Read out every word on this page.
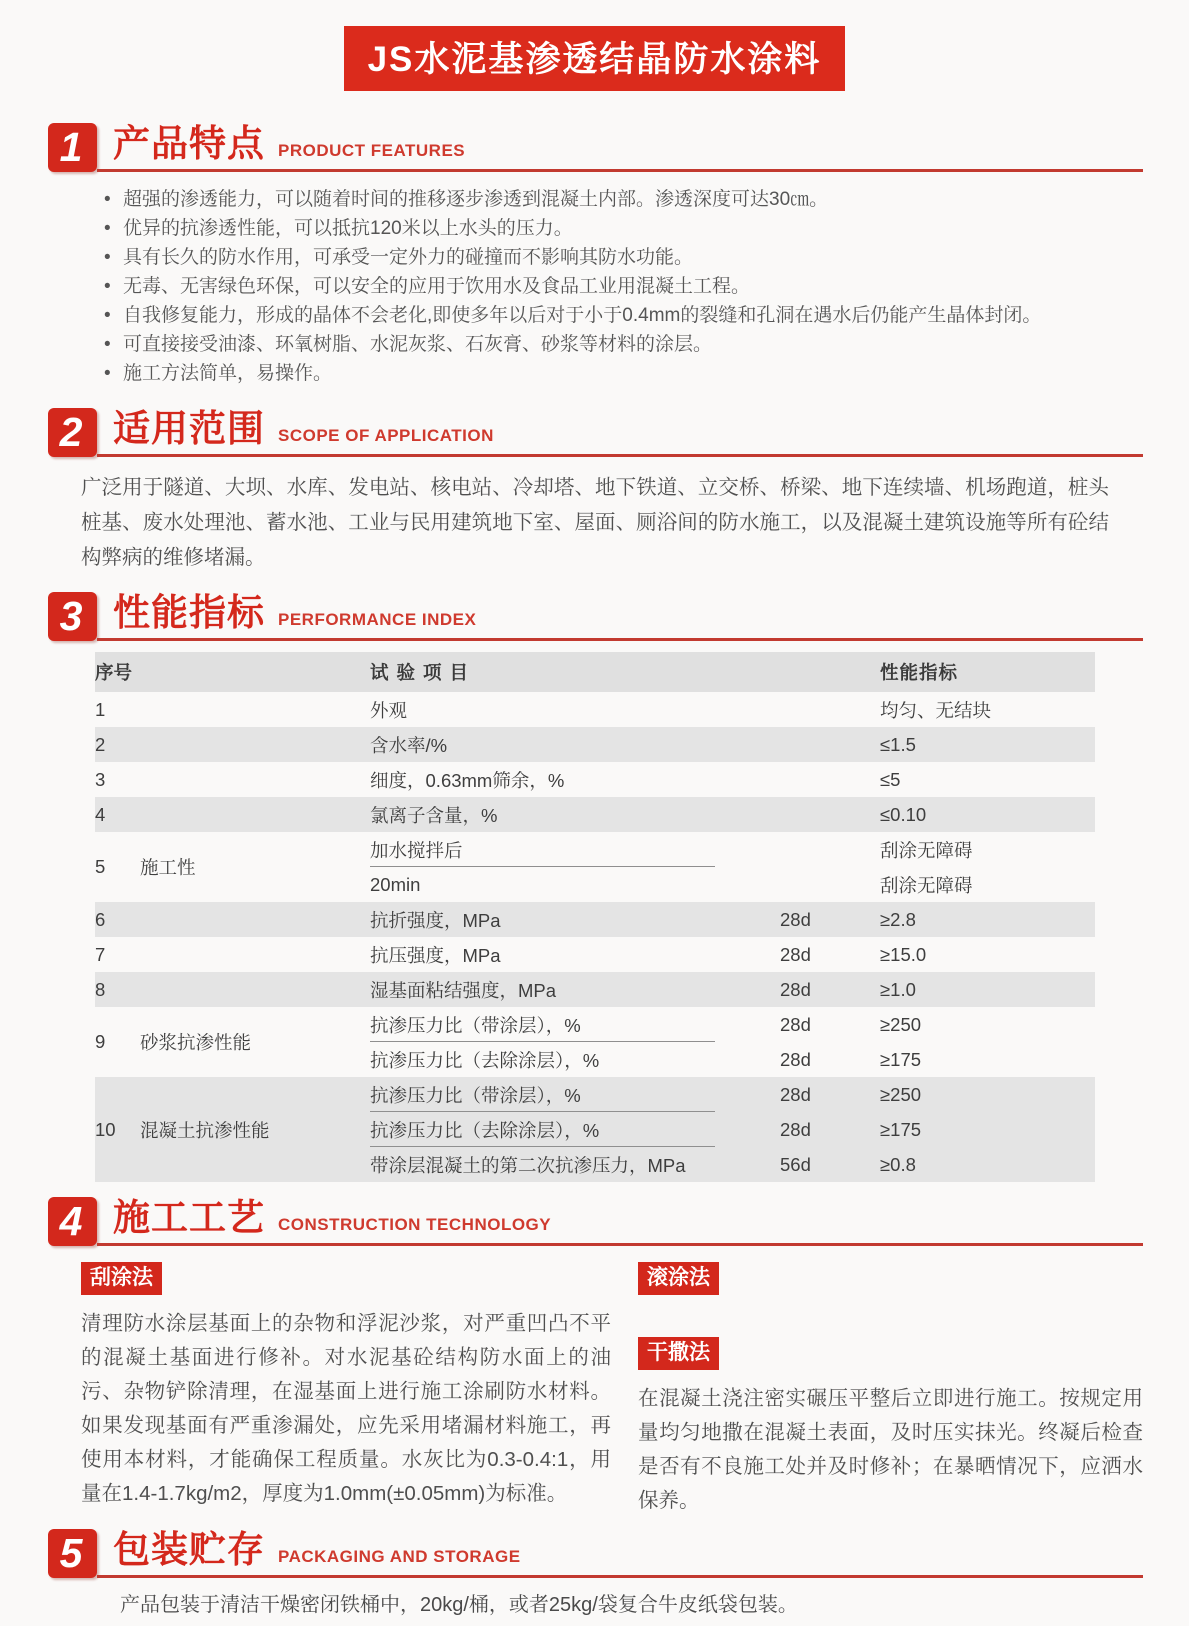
JS水泥基渗透结晶防水涂料
1 产品特点 PRODUCT FEATURES
• 超强的渗透能力，可以随着时间的推移逐步渗透到混凝土内部。渗透深度可达30㎝。
• 优异的抗渗透性能，可以抵抗120米以上水头的压力。
• 具有长久的防水作用，可承受一定外力的碰撞而不影响其防水功能。
• 无毒、无害绿色环保，可以安全的应用于饮用水及食品工业用混凝土工程。
• 自我修复能力，形成的晶体不会老化,即使多年以后对于小于0.4mm的裂缝和孔洞在遇水后仍能产生晶体封闭。
• 可直接接受油漆、环氧树脂、水泥灰浆、石灰膏、砂浆等材料的涂层。
• 施工方法简单，易操作。
2 适用范围 SCOPE OF APPLICATION

广泛用于隧道、大坝、水库、发电站、核电站、冷却塔、地下铁道、立交桥、桥梁、地下连续墙、机场跑道，桩头桩基、废水处理池、蓄水池、工业与民用建筑地下室、屋面、厕浴间的防水施工，以及混凝土建筑设施等所有砼结构弊病的维修堵漏。

3 性能指标 PERFORMANCE INDEX
序号		试验项目		性能指标
1		外观		均匀、无结块
2		含水率/%		≤1.5
3		细度，0.63mm筛余，%		≤5
4		氯离子含量，%		≤0.10
5	施工性	加水搅拌后		刮涂无障碍
		20min		刮涂无障碍
6		抗折强度，MPa	28d	≥2.8
7		抗压强度，MPa	28d	≥15.0
8		湿基面粘结强度，MPa	28d	≥1.0
9	砂浆抗渗性能	抗渗压力比（带涂层），%	28d	≥250
		抗渗压力比（去除涂层），%	28d	≥175
10	混凝土抗渗性能	抗渗压力比（带涂层），%	28d	≥250
		抗渗压力比（去除涂层），%	28d	≥175
		带涂层混凝土的第二次抗渗压力，MPa	56d	≥0.8
4 施工工艺 CONSTRUCTION TECHNOLOGY
刮涂法

清理防水涂层基面上的杂物和浮泥沙浆，对严重凹凸不平的混凝土基面进行修补。对水泥基砼结构防水面上的油污、杂物铲除清理，在湿基面上进行施工涂刷防水材料。如果发现基面有严重渗漏处，应先采用堵漏材料施工，再使用本材料，才能确保工程质量。水灰比为0.3-0.4:1，用量在1.4-1.7kg/m2，厚度为1.0mm(±0.05mm)为标准。

滚涂法
干撒法

在混凝土浇注密实碾压平整后立即进行施工。按规定用量均匀地撒在混凝土表面，及时压实抹光。终凝后检查是否有不良施工处并及时修补；在暴晒情况下，应洒水保养。

5 包装贮存 PACKAGING AND STORAGE

产品包装于清洁干燥密闭铁桶中，20kg/桶，或者25kg/袋复合牛皮纸袋包装。
